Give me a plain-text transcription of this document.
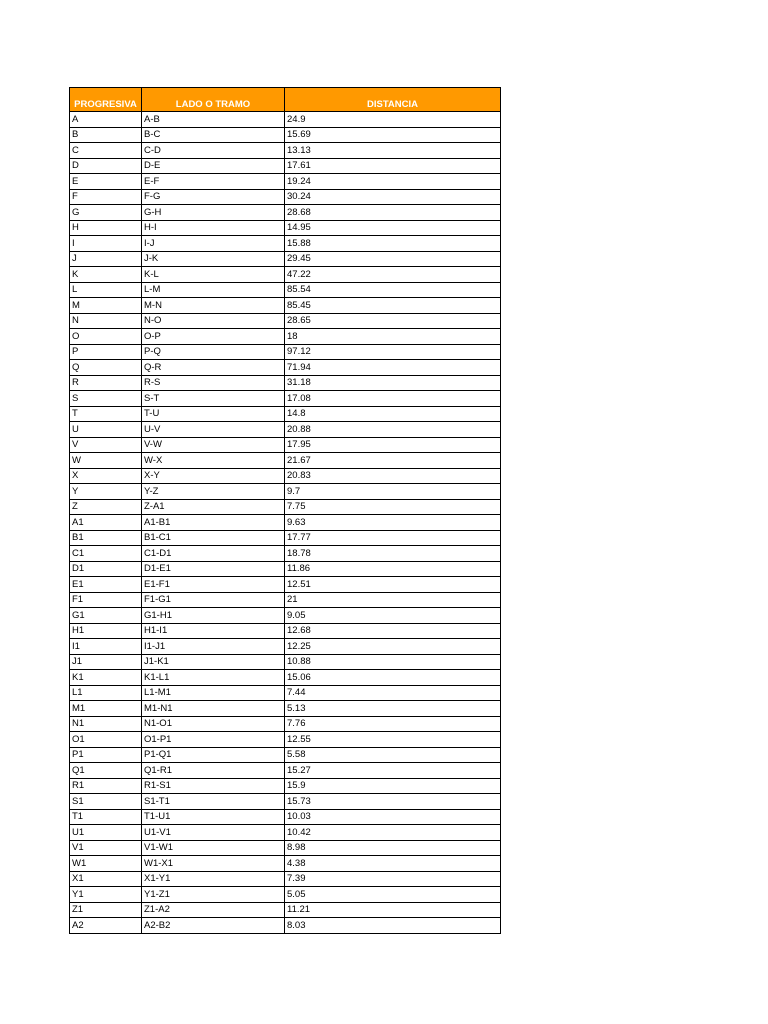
PROGRESIVA	LADO O TRAMO	DISTANCIA
A	A-B	24.9
B	B-C	15.69
C	C-D	13.13
D	D-E	17.61
E	E-F	19.24
F	F-G	30.24
G	G-H	28.68
H	H-I	14.95
I	I-J	15.88
J	J-K	29.45
K	K-L	47.22
L	L-M	85.54
M	M-N	85.45
N	N-O	28.65
O	O-P	18
P	P-Q	97.12
Q	Q-R	71.94
R	R-S	31.18
S	S-T	17.08
T	T-U	14.8
U	U-V	20.88
V	V-W	17.95
W	W-X	21.67
X	X-Y	20.83
Y	Y-Z	9.7
Z	Z-A1	7.75
A1	A1-B1	9.63
B1	B1-C1	17.77
C1	C1-D1	18.78
D1	D1-E1	11.86
E1	E1-F1	12.51
F1	F1-G1	21
G1	G1-H1	9.05
H1	H1-I1	12.68
I1	I1-J1	12.25
J1	J1-K1	10.88
K1	K1-L1	15.06
L1	L1-M1	7.44
M1	M1-N1	5.13
N1	N1-O1	7.76
O1	O1-P1	12.55
P1	P1-Q1	5.58
Q1	Q1-R1	15.27
R1	R1-S1	15.9
S1	S1-T1	15.73
T1	T1-U1	10.03
U1	U1-V1	10.42
V1	V1-W1	8.98
W1	W1-X1	4.38
X1	X1-Y1	7.39
Y1	Y1-Z1	5.05
Z1	Z1-A2	11.21
A2	A2-B2	8.03
